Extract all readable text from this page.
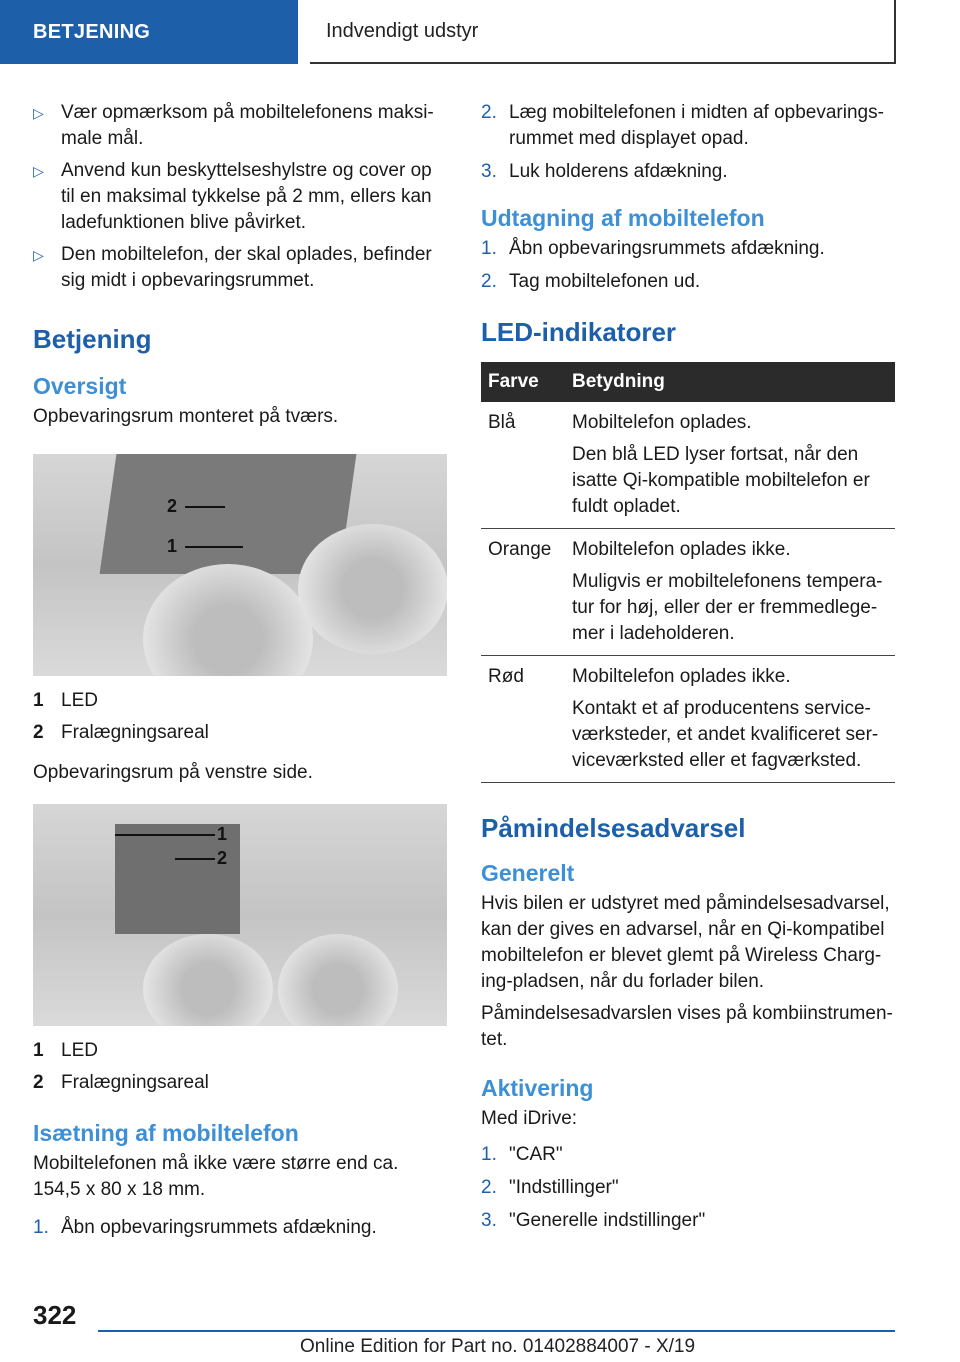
BETJENING	Indvendigt udstyr
▷ Vær opmærksom på mobiltelefonens maksi-male mål.
▷ Anvend kun beskyttelseshylstre og cover op til en maksimal tykkelse på 2 mm, ellers kan ladefunktionen blive påvirket.
▷ Den mobiltelefon, der skal oplades, befinder sig midt i opbevaringsrummet.
Betjening
Oversigt

Opbevaringsrum monteret på tværs.

2
1
1 LED
2 Fralægningsareal

Opbevaringsrum på venstre side.

1
2
1 LED
2 Fralægningsareal
Isætning af mobiltelefon

Mobiltelefonen må ikke være større end ca. 154,5 x 80 x 18 mm.

1. Åbn opbevaringsrummets afdækning.
2. Læg mobiltelefonen i midten af opbevarings-rummet med displayet opad.
3. Luk holderens afdækning.
Udtagning af mobiltelefon
1. Åbn opbevaringsrummets afdækning.
2. Tag mobiltelefonen ud.
LED-indikatorer
Farve	Betydning
Blå	Mobiltelefon oplades.

Den blå LED lyser fortsat, når den isatte Qi-kompatible mobiltelefon er fuldt opladet.

Orange	Mobiltelefon oplades ikke.

Muligvis er mobiltelefonens tempera-tur for høj, eller der er fremmedlege-mer i ladeholderen.

Rød	Mobiltelefon oplades ikke.

Kontakt et af producentens service-værksteder, et andet kvalificeret ser-viceværksted eller et fagværksted.

Påmindelsesadvarsel
Generelt

Hvis bilen er udstyret med påmindelsesadvarsel, kan der gives en advarsel, når en Qi-kompatibel mobiltelefon er blevet glemt på Wireless Charg-ing-pladsen, når du forlader bilen.

Påmindelsesadvarslen vises på kombiinstrumen-tet.

Aktivering

Med iDrive:

1. "CAR"
2. "Indstillinger"
3. "Generelle indstillinger"
322
Online Edition for Part no. 01402884007 - X/19
